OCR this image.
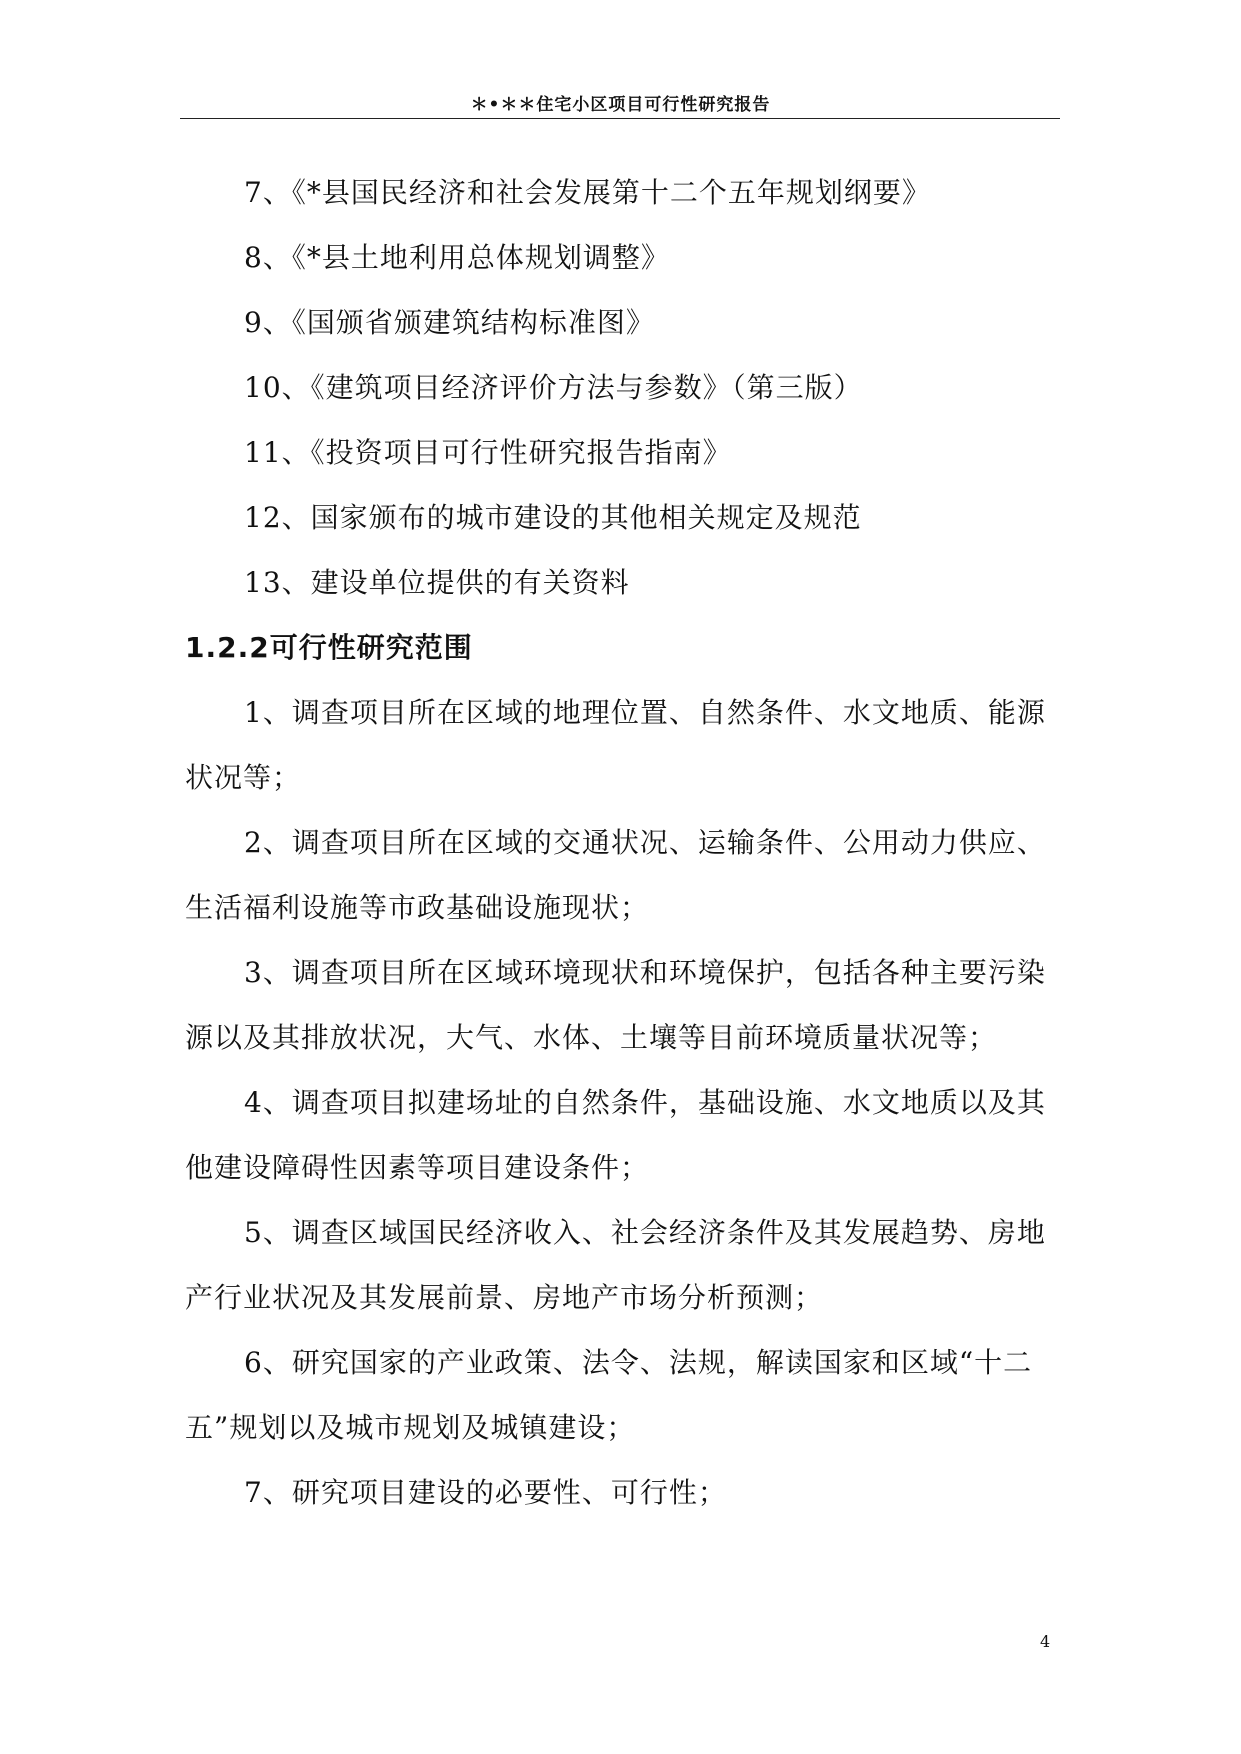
＊•＊＊住宅小区项目可行性研究报告

7、《*县国民经济和社会发展第十二个五年规划纲要》

8、《*县土地利用总体规划调整》

9、《国颁省颁建筑结构标准图》

10、《建筑项目经济评价方法与参数》（第三版）

11、《投资项目可行性研究报告指南》

12、国家颁布的城市建设的其他相关规定及规范

13、建设单位提供的有关资料

1.2.2可行性研究范围

1、调查项目所在区域的地理位置、自然条件、水文地质、能源状况等；

2、调查项目所在区域的交通状况、运输条件、公用动力供应、生活福利设施等市政基础设施现状；

3、调查项目所在区域环境现状和环境保护，包括各种主要污染源以及其排放状况，大气、水体、土壤等目前环境质量状况等；

4、调查项目拟建场址的自然条件，基础设施、水文地质以及其他建设障碍性因素等项目建设条件；

5、调查区域国民经济收入、社会经济条件及其发展趋势、房地产行业状况及其发展前景、房地产市场分析预测；

6、研究国家的产业政策、法令、法规，解读国家和区域“十二五”规划以及城市规划及城镇建设；

7、研究项目建设的必要性、可行性；

4
